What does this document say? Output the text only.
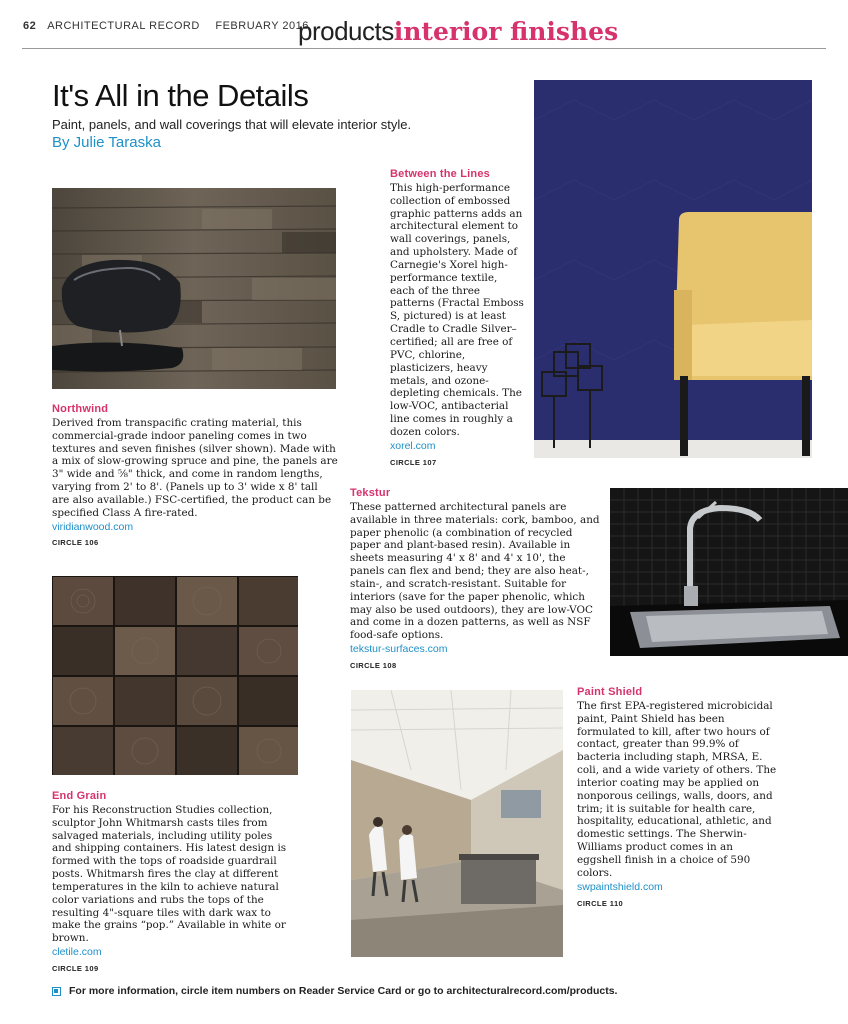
62 ARCHITECTURAL RECORD FEBRUARY 2016
productsinterior finishes
It's All in the Details
Paint, panels, and wall coverings that will elevate interior style.
By Julie Taraska
Northwind

Derived from transpacific crating material, this commercial-grade indoor paneling comes in two textures and seven finishes (silver shown). Made with a mix of slow-growing spruce and pine, the panels are 3" wide and ⅝" thick, and come in random lengths, varying from 2' to 8'. (Panels up to 3' wide x 8' tall are also available.) FSC-certified, the product can be specified Class A fire-rated.

viridianwood.com
CIRCLE 106
Between the Lines

This high-performance collection of embossed graphic patterns adds an architectural element to wall coverings, panels, and upholstery. Made of Carnegie's Xorel high-performance textile, each of the three patterns (Fractal Emboss S, pictured) is at least Cradle to Cradle Silver–certified; all are free of PVC, chlorine, plasticizers, heavy metals, and ozone-depleting chemicals. The low-VOC, antibacterial line comes in roughly a dozen colors.

xorel.com
CIRCLE 107
Tekstur

These patterned architectural panels are available in three materials: cork, bamboo, and paper phenolic (a combination of recycled paper and plant-based resin). Available in sheets measuring 4' x 8' and 4' x 10', the panels can flex and bend; they are also heat-, stain-, and scratch-resistant. Suitable for interiors (save for the paper phenolic, which may also be used outdoors), they are low-VOC and come in a dozen patterns, as well as NSF food-safe options.

tekstur-surfaces.com
CIRCLE 108
End Grain

For his Reconstruction Studies collection, sculptor John Whitmarsh casts tiles from salvaged materials, including utility poles and shipping containers. His latest design is formed with the tops of roadside guardrail posts. Whitmarsh fires the clay at different temperatures in the kiln to achieve natural color variations and rubs the tops of the resulting 4"-square tiles with dark wax to make the grains “pop.” Available in white or brown.

cletile.com
CIRCLE 109
Paint Shield

The first EPA-registered microbicidal paint, Paint Shield has been formulated to kill, after two hours of contact, greater than 99.9% of bacteria including staph, MRSA, E. coli, and a wide variety of others. The interior coating may be applied on nonporous ceilings, walls, doors, and trim; it is suitable for health care, hospitality, educational, athletic, and domestic settings. The Sherwin-Williams product comes in an eggshell finish in a choice of 590 colors.

swpaintshield.com
CIRCLE 110
For more information, circle item numbers on Reader Service Card or go to architecturalrecord.com/products.
